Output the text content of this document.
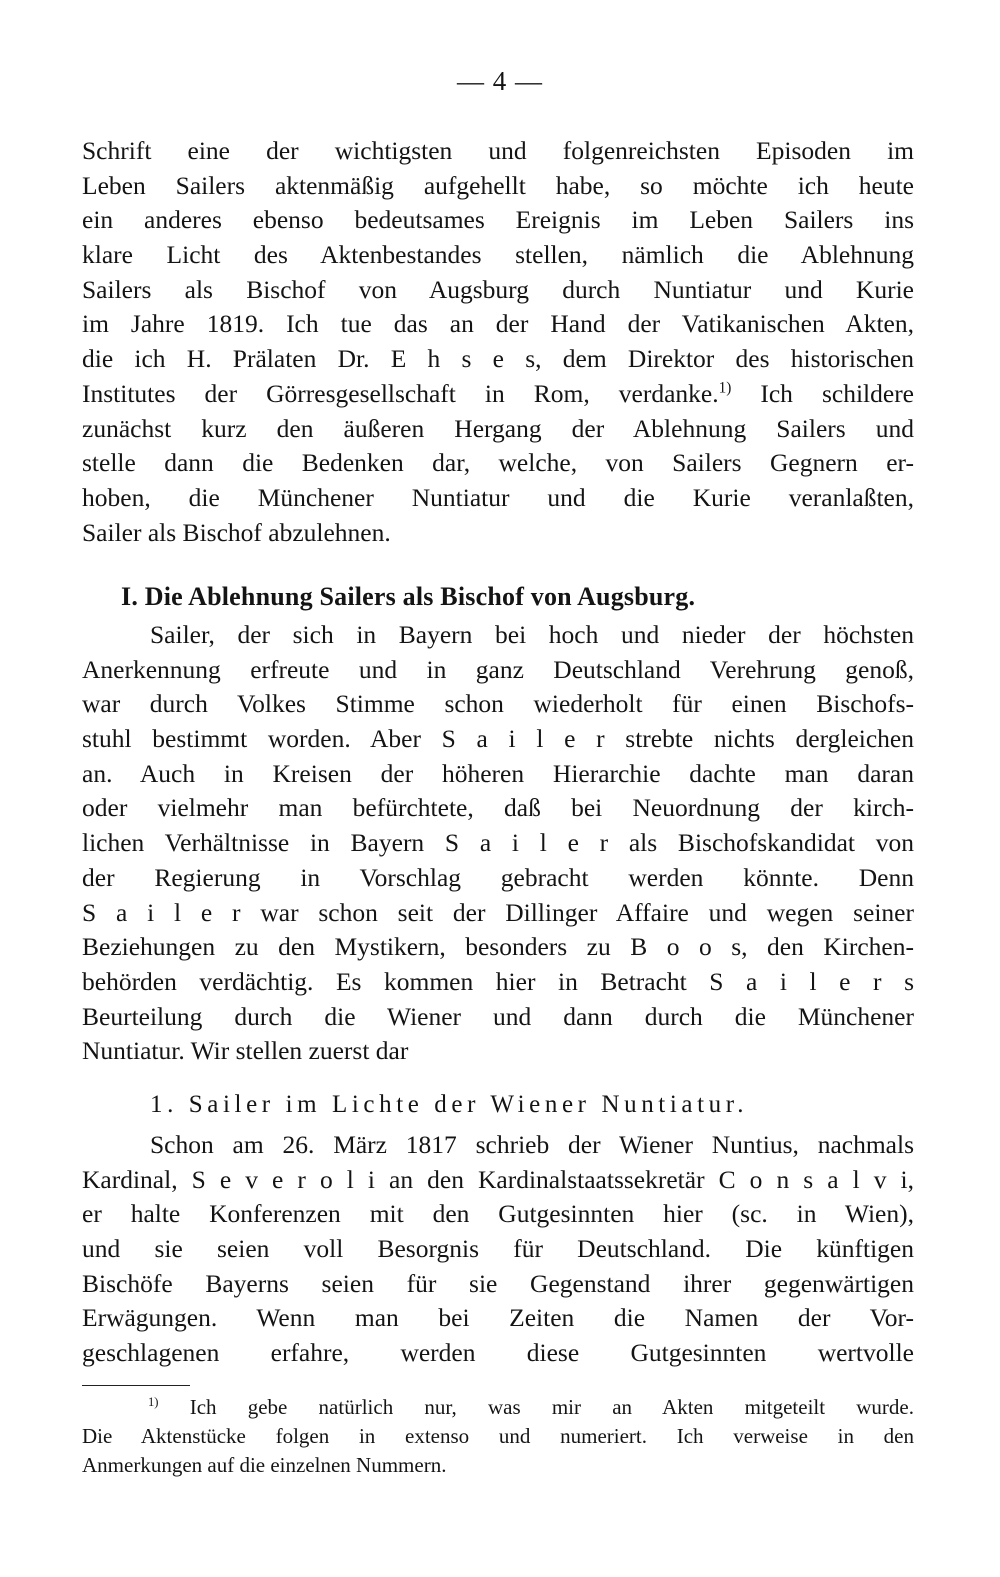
— 4 —
Schrift eine der wichtigsten und folgenreichsten Episoden im
Leben Sailers aktenmäßig aufgehellt habe, so möchte ich heute
ein anderes ebenso bedeutsames Ereignis im Leben Sailers ins
klare Licht des Aktenbestandes stellen, nämlich die Ablehnung
Sailers als Bischof von Augsburg durch Nuntiatur und Kurie
im Jahre 1819. Ich tue das an der Hand der Vatikanischen Akten,
die ich H. Prälaten Dr. E h s e s, dem Direktor des historischen
Institutes der Görresgesellschaft in Rom, verdanke.$^{1)}$ Ich schildere
zunächst kurz den äußeren Hergang der Ablehnung Sailers und
stelle dann die Bedenken dar, welche, von Sailers Gegnern er-
hoben, die Münchener Nuntiatur und die Kurie veranlaßten,
Sailer als Bischof abzulehnen.
I. Die Ablehnung Sailers als Bischof von Augsburg.
Sailer, der sich in Bayern bei hoch und nieder der höchsten
Anerkennung erfreute und in ganz Deutschland Verehrung genoß,
war durch Volkes Stimme schon wiederholt für einen Bischofs-
stuhl bestimmt worden. Aber S a i l e r strebte nichts dergleichen
an. Auch in Kreisen der höheren Hierarchie dachte man daran
oder vielmehr man befürchtete, daß bei Neuordnung der kirch-
lichen Verhältnisse in Bayern S a i l e r als Bischofskandidat von
der Regierung in Vorschlag gebracht werden könnte. Denn
S a i l e r war schon seit der Dillinger Affaire und wegen seiner
Beziehungen zu den Mystikern, besonders zu B o o s, den Kirchen-
behörden verdächtig. Es kommen hier in Betracht S a i l e r s
Beurteilung durch die Wiener und dann durch die Münchener
Nuntiatur. Wir stellen zuerst dar
1. Sailer im Lichte der Wiener Nuntiatur.
Schon am 26. März 1817 schrieb der Wiener Nuntius, nachmals
Kardinal, S e v e r o l i an den Kardinalstaatssekretär C o n s a l v i,
er halte Konferenzen mit den Gutgesinnten hier (sc. in Wien),
und sie seien voll Besorgnis für Deutschland. Die künftigen
Bischöfe Bayerns seien für sie Gegenstand ihrer gegenwärtigen
Erwägungen. Wenn man bei Zeiten die Namen der Vor-
geschlagenen erfahre, werden diese Gutgesinnten wertvolle
$^{1)}$ Ich gebe natürlich nur, was mir an Akten mitgeteilt wurde.
Die Aktenstücke folgen in extenso und numeriert. Ich verweise in den
Anmerkungen auf die einzelnen Nummern.
